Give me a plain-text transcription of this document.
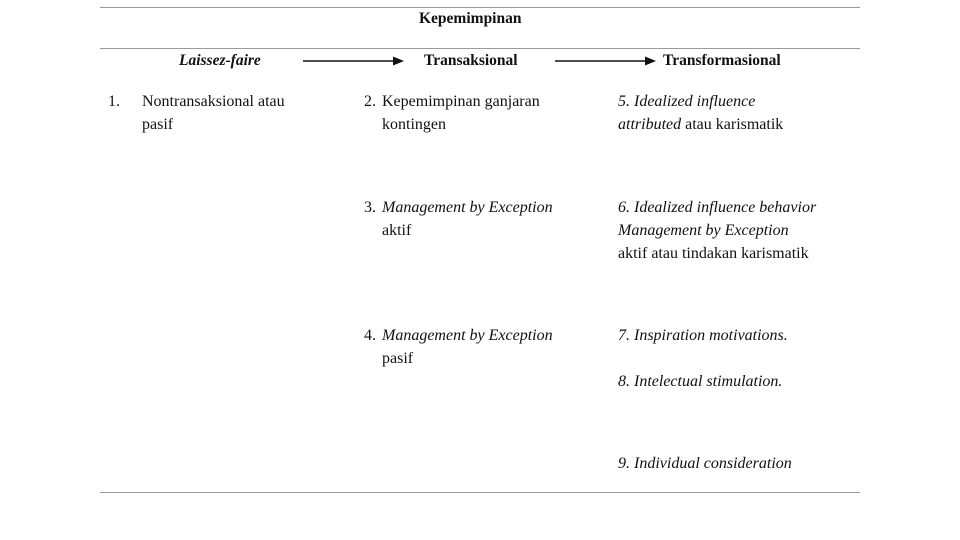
Kepemimpinan
Laissez-faire	Transaksional	Transformasional
1. Nontransaksional atau
pasif
2. Kepemimpinan ganjaran
kontingen
3. Management by Exception
aktif
4. Management by Exception
pasif
5. Idealized influence
attributed atau karismatik
6. Idealized influence behavior
Management by Exception
aktif atau tindakan karismatik
7. Inspiration motivations.
8. Intelectual stimulation.
9. Individual consideration
